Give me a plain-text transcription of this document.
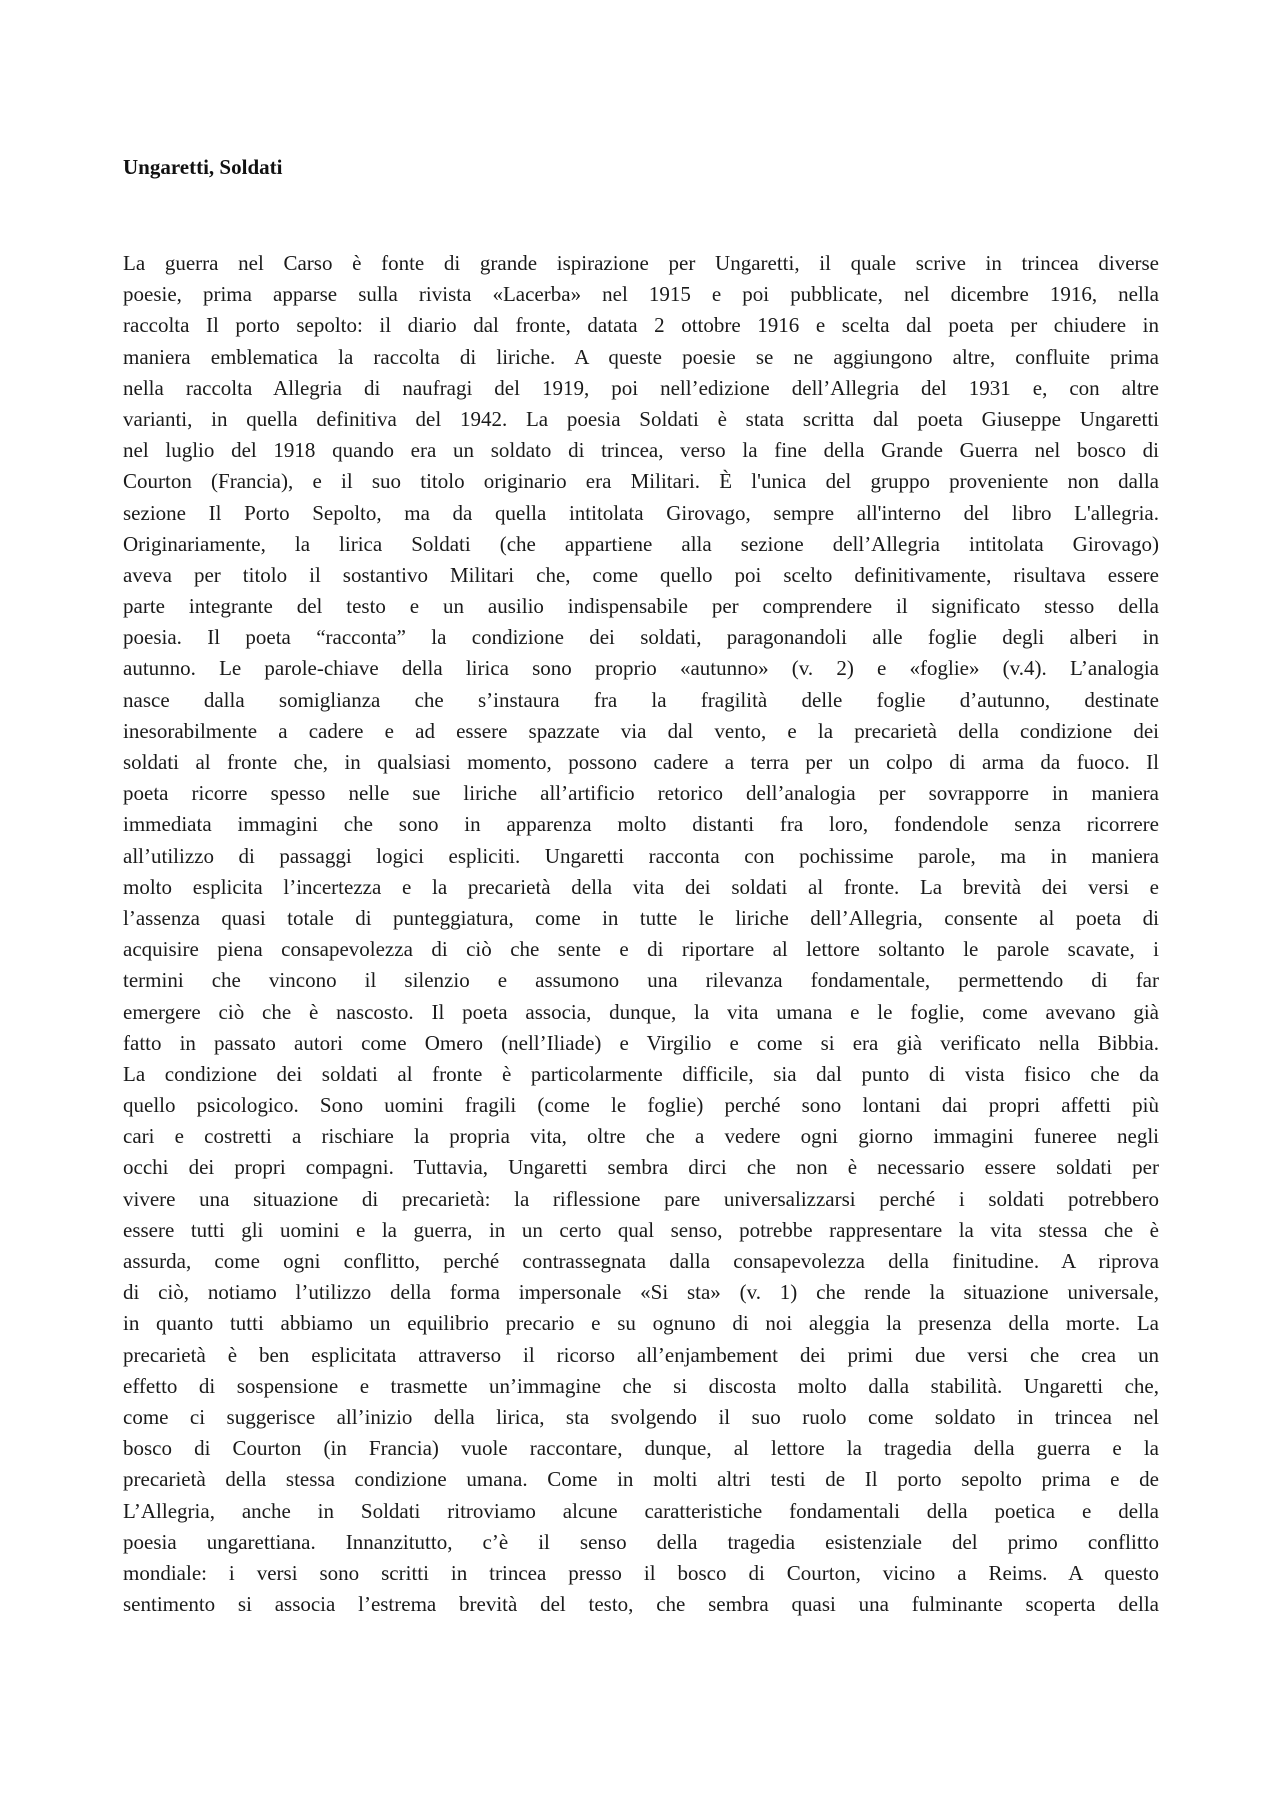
Ungaretti, Soldati
La guerra nel Carso è fonte di grande ispirazione per Ungaretti, il quale scrive in trincea diverse
poesie, prima apparse sulla rivista «Lacerba» nel 1915 e poi pubblicate, nel dicembre 1916, nella
raccolta Il porto sepolto: il diario dal fronte, datata 2 ottobre 1916 e scelta dal poeta per chiudere in
maniera emblematica la raccolta di liriche. A queste poesie se ne aggiungono altre, confluite prima
nella raccolta Allegria di naufragi del 1919, poi nell’edizione dell’Allegria del 1931 e, con altre
varianti, in quella definitiva del 1942. La poesia Soldati è stata scritta dal poeta Giuseppe Ungaretti
nel luglio del 1918 quando era un soldato di trincea, verso la fine della Grande Guerra nel bosco di
Courton (Francia), e il suo titolo originario era Militari. È l'unica del gruppo proveniente non dalla
sezione Il Porto Sepolto, ma da quella intitolata Girovago, sempre all'interno del libro L'allegria.
Originariamente, la lirica Soldati (che appartiene alla sezione dell’Allegria intitolata Girovago)
aveva per titolo il sostantivo Militari che, come quello poi scelto definitivamente, risultava essere
parte integrante del testo e un ausilio indispensabile per comprendere il significato stesso della
poesia. Il poeta “racconta” la condizione dei soldati, paragonandoli alle foglie degli alberi in
autunno. Le parole-chiave della lirica sono proprio «autunno» (v. 2) e «foglie» (v.4). L’analogia
nasce dalla somiglianza che s’instaura fra la fragilità delle foglie d’autunno, destinate
inesorabilmente a cadere e ad essere spazzate via dal vento, e la precarietà della condizione dei
soldati al fronte che, in qualsiasi momento, possono cadere a terra per un colpo di arma da fuoco. Il
poeta ricorre spesso nelle sue liriche all’artificio retorico dell’analogia per sovrapporre in maniera
immediata immagini che sono in apparenza molto distanti fra loro, fondendole senza ricorrere
all’utilizzo di passaggi logici espliciti. Ungaretti racconta con pochissime parole, ma in maniera
molto esplicita l’incertezza e la precarietà della vita dei soldati al fronte. La brevità dei versi e
l’assenza quasi totale di punteggiatura, come in tutte le liriche dell’Allegria, consente al poeta di
acquisire piena consapevolezza di ciò che sente e di riportare al lettore soltanto le parole scavate, i
termini che vincono il silenzio e assumono una rilevanza fondamentale, permettendo di far
emergere ciò che è nascosto. Il poeta associa, dunque, la vita umana e le foglie, come avevano già
fatto in passato autori come Omero (nell’Iliade) e Virgilio e come si era già verificato nella Bibbia.
La condizione dei soldati al fronte è particolarmente difficile, sia dal punto di vista fisico che da
quello psicologico. Sono uomini fragili (come le foglie) perché sono lontani dai propri affetti più
cari e costretti a rischiare la propria vita, oltre che a vedere ogni giorno immagini funeree negli
occhi dei propri compagni. Tuttavia, Ungaretti sembra dirci che non è necessario essere soldati per
vivere una situazione di precarietà: la riflessione pare universalizzarsi perché i soldati potrebbero
essere tutti gli uomini e la guerra, in un certo qual senso, potrebbe rappresentare la vita stessa che è
assurda, come ogni conflitto, perché contrassegnata dalla consapevolezza della finitudine. A riprova
di ciò, notiamo l’utilizzo della forma impersonale «Si sta» (v. 1) che rende la situazione universale,
in quanto tutti abbiamo un equilibrio precario e su ognuno di noi aleggia la presenza della morte. La
precarietà è ben esplicitata attraverso il ricorso all’enjambement dei primi due versi che crea un
effetto di sospensione e trasmette un’immagine che si discosta molto dalla stabilità. Ungaretti che,
come ci suggerisce all’inizio della lirica, sta svolgendo il suo ruolo come soldato in trincea nel
bosco di Courton (in Francia) vuole raccontare, dunque, al lettore la tragedia della guerra e la
precarietà della stessa condizione umana. Come in molti altri testi de Il porto sepolto prima e de
L’Allegria, anche in Soldati ritroviamo alcune caratteristiche fondamentali della poetica e della
poesia ungarettiana. Innanzitutto, c’è il senso della tragedia esistenziale del primo conflitto
mondiale: i versi sono scritti in trincea presso il bosco di Courton, vicino a Reims. A questo
sentimento si associa l’estrema brevità del testo, che sembra quasi una fulminante scoperta della
